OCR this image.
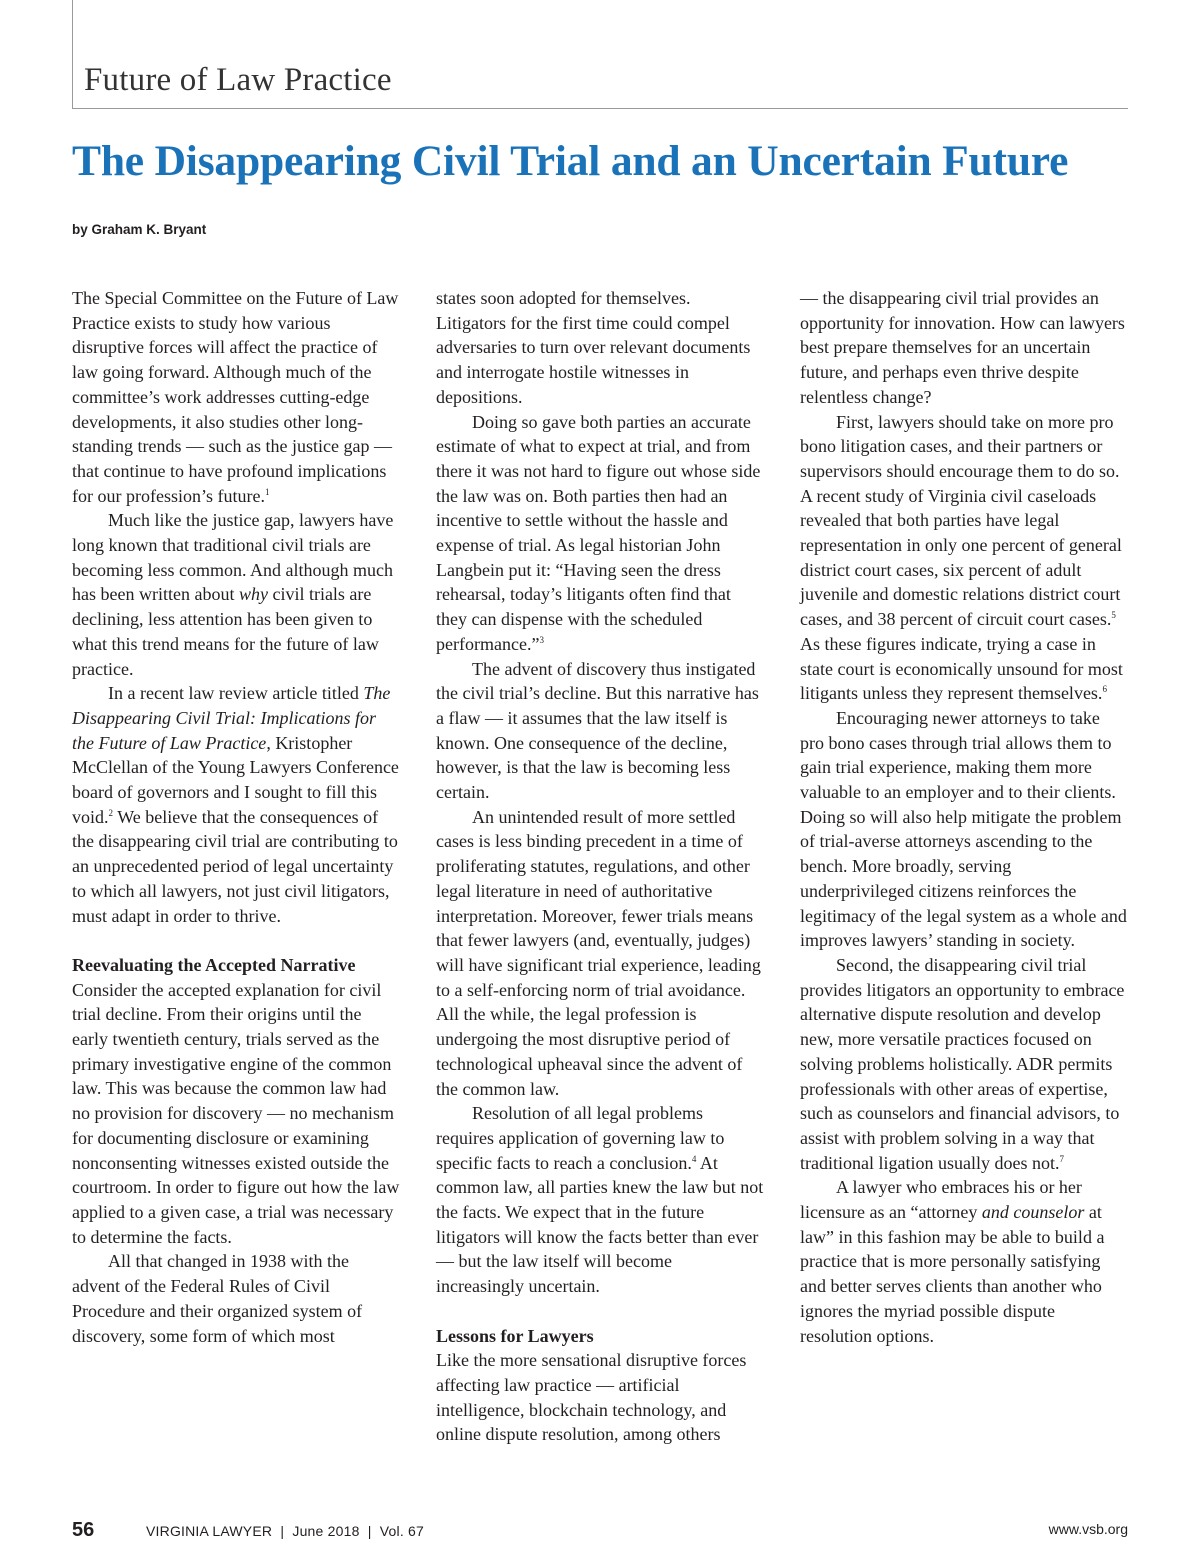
Future of Law Practice
The Disappearing Civil Trial and an Uncertain Future
by Graham K. Bryant

The Special Committee on the Future of Law Practice exists to study how various disruptive forces will affect the practice of law going forward. Although much of the committee’s work addresses cutting-edge developments, it also studies other long-standing trends — such as the justice gap — that continue to have profound implications for our profession’s future.$^1$

Much like the justice gap, lawyers have long known that traditional civil trials are becoming less common. And although much has been written about why civil trials are declining, less attention has been given to what this trend means for the future of law practice.

In a recent law review article titled The Disappearing Civil Trial: Implications for the Future of Law Practice, Kristopher McClellan of the Young Lawyers Conference board of governors and I sought to fill this void.$^2$ We believe that the consequences of the disappearing civil trial are contributing to an unprecedented period of legal uncertainty to which all lawyers, not just civil litigators, must adapt in order to thrive.

Reevaluating the Accepted Narrative

Consider the accepted explanation for civil trial decline. From their origins until the early twentieth century, trials served as the primary investigative engine of the common law. This was because the common law had no provision for discovery — no mechanism for documenting disclosure or examining nonconsenting witnesses existed outside the courtroom. In order to figure out how the law applied to a given case, a trial was necessary to determine the facts.

All that changed in 1938 with the advent of the Federal Rules of Civil Procedure and their organized system of discovery, some form of which most

states soon adopted for themselves. Litigators for the first time could compel adversaries to turn over relevant documents and interrogate hostile witnesses in depositions.

Doing so gave both parties an accurate estimate of what to expect at trial, and from there it was not hard to figure out whose side the law was on. Both parties then had an incentive to settle without the hassle and expense of trial. As legal historian John Langbein put it: “Having seen the dress rehearsal, today’s litigants often find that they can dispense with the scheduled performance.”$^3$

The advent of discovery thus instigated the civil trial’s decline. But this narrative has a flaw — it assumes that the law itself is known. One consequence of the decline, however, is that the law is becoming less certain.

An unintended result of more settled cases is less binding precedent in a time of proliferating statutes, regulations, and other legal literature in need of authoritative interpretation. Moreover, fewer trials means that fewer lawyers (and, eventually, judges) will have significant trial experience, leading to a self-enforcing norm of trial avoidance. All the while, the legal profession is undergoing the most disruptive period of technological upheaval since the advent of the common law.

Resolution of all legal problems requires application of governing law to specific facts to reach a conclusion.$^4$ At common law, all parties knew the law but not the facts. We expect that in the future litigators will know the facts better than ever — but the law itself will become increasingly uncertain.

Lessons for Lawyers

Like the more sensational disruptive forces affecting law practice — artificial intelligence, blockchain technology, and online dispute resolution, among others

— the disappearing civil trial provides an opportunity for innovation. How can lawyers best prepare themselves for an uncertain future, and perhaps even thrive despite relentless change?

First, lawyers should take on more pro bono litigation cases, and their partners or supervisors should encourage them to do so. A recent study of Virginia civil caseloads revealed that both parties have legal representation in only one percent of general district court cases, six percent of adult juvenile and domestic relations district court cases, and 38 percent of circuit court cases.$^5$ As these figures indicate, trying a case in state court is economically unsound for most litigants unless they represent themselves.$^6$

Encouraging newer attorneys to take pro bono cases through trial allows them to gain trial experience, making them more valuable to an employer and to their clients. Doing so will also help mitigate the problem of trial-averse attorneys ascending to the bench. More broadly, serving underprivileged citizens reinforces the legitimacy of the legal system as a whole and improves lawyers’ standing in society.

Second, the disappearing civil trial provides litigators an opportunity to embrace alternative dispute resolution and develop new, more versatile practices focused on solving problems holistically. ADR permits professionals with other areas of expertise, such as counselors and financial advisors, to assist with problem solving in a way that traditional ligation usually does not.$^7$

A lawyer who embraces his or her licensure as an “attorney and counselor at law” in this fashion may be able to build a practice that is more personally satisfying and better serves clients than another who ignores the myriad possible dispute resolution options.

56	VIRGINIA LAWYER  |  June 2018  |  Vol. 67	www.vsb.org
